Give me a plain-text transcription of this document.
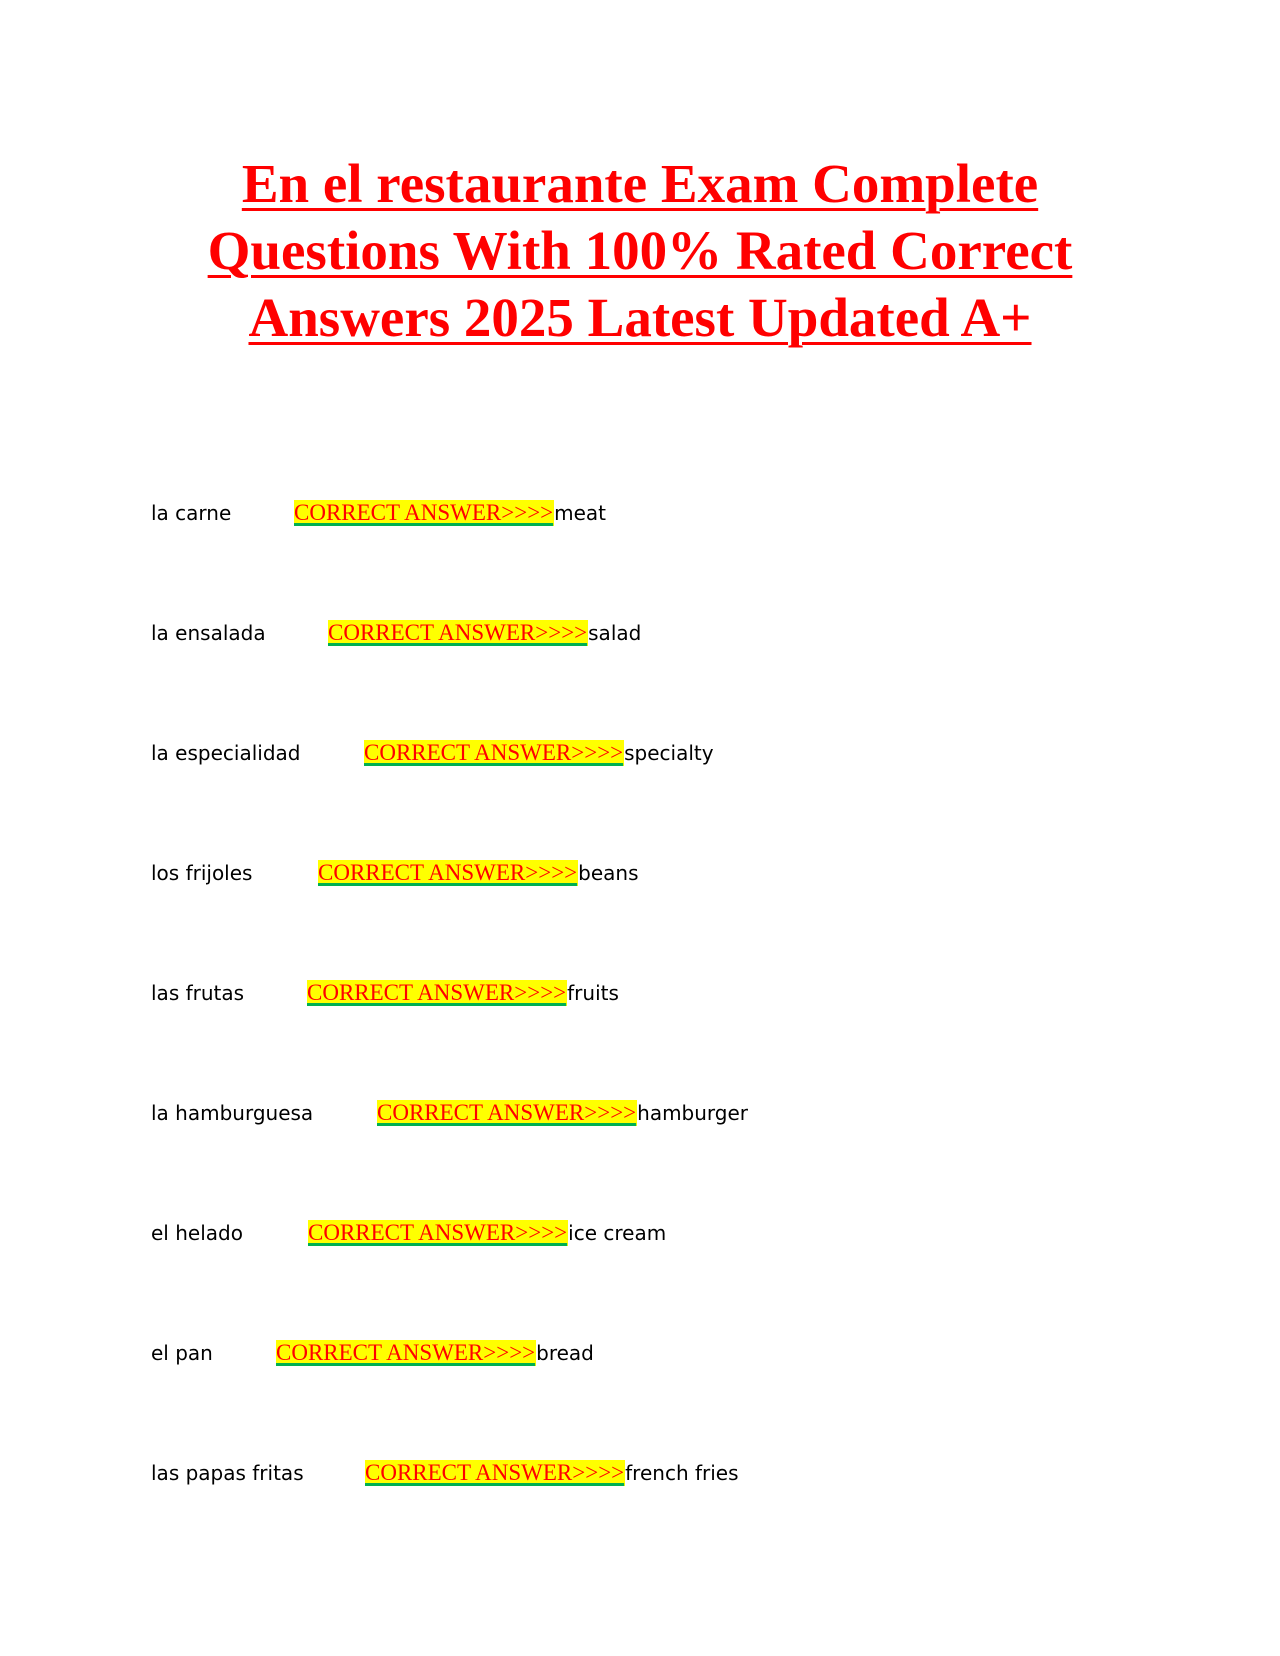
En el restaurante Exam Complete Questions With 100% Rated Correct Answers 2025 Latest Updated A+
la carne	CORRECT ANSWER>>>> meat
la ensalada	CORRECT ANSWER>>>> salad
la especialidad	CORRECT ANSWER>>>> specialty
los frijoles	CORRECT ANSWER>>>> beans
las frutas	CORRECT ANSWER>>>> fruits
la hamburguesa	CORRECT ANSWER>>>> hamburger
el helado	CORRECT ANSWER>>>> ice cream
el pan	CORRECT ANSWER>>>> bread
las papas fritas	CORRECT ANSWER>>>> french fries
